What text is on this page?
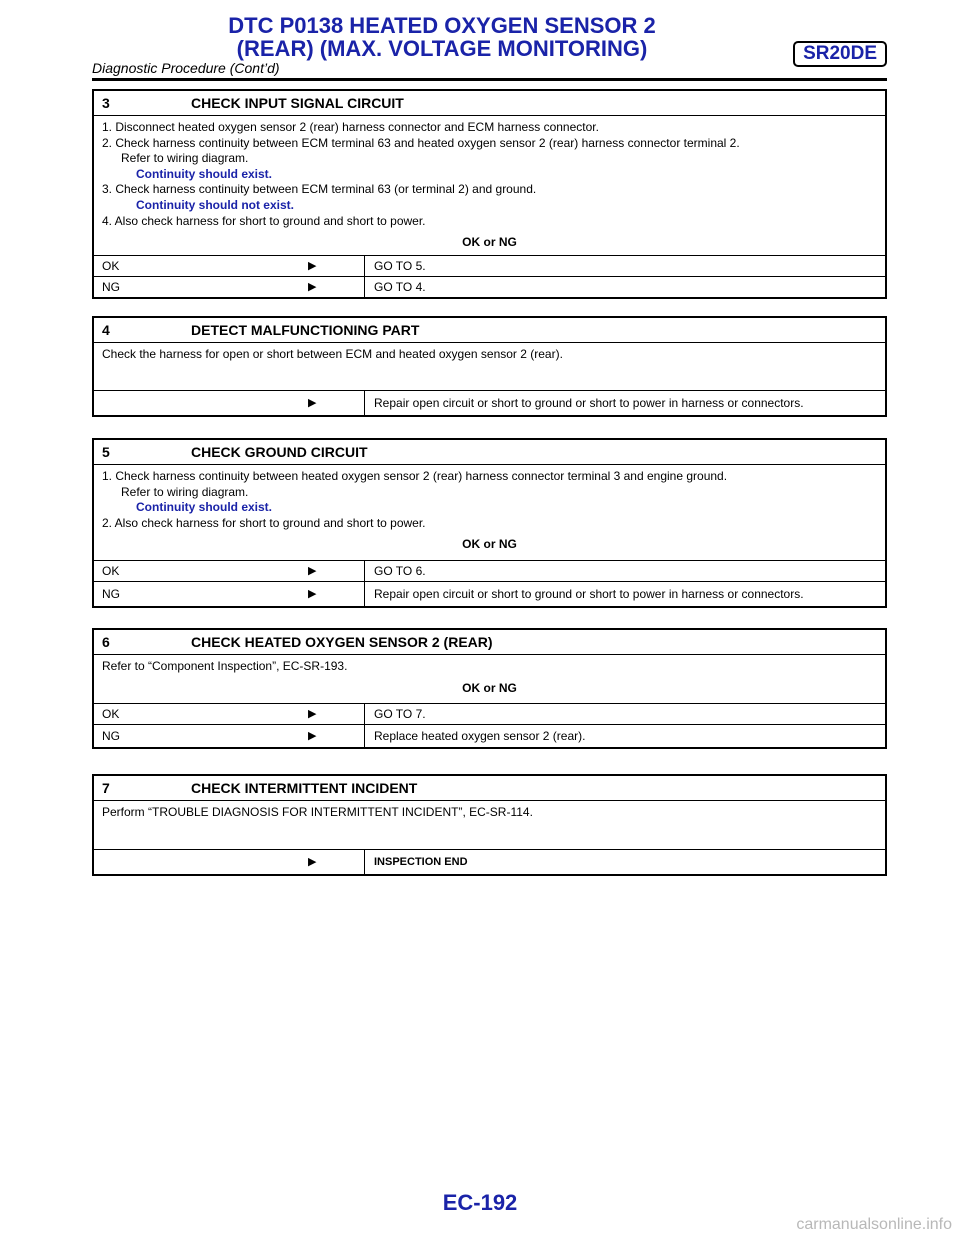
DTC P0138 HEATED OXYGEN SENSOR 2
(REAR) (MAX. VOLTAGE MONITORING)
Diagnostic Procedure (Cont’d)
SR20DE
3	CHECK INPUT SIGNAL CIRCUIT
1. Disconnect heated oxygen sensor 2 (rear) harness connector and ECM harness connector.
2. Check harness continuity between ECM terminal 63 and heated oxygen sensor 2 (rear) harness connector terminal 2.
Refer to wiring diagram.
Continuity should exist.
3. Check harness continuity between ECM terminal 63 (or terminal 2) and ground.
Continuity should not exist.
4. Also check harness for short to ground and short to power.
OK or NG
OK	▶	GO TO 5.
NG	▶	GO TO 4.
4	DETECT MALFUNCTIONING PART
Check the harness for open or short between ECM and heated oxygen sensor 2 (rear).
▶	Repair open circuit or short to ground or short to power in harness or connectors.
5	CHECK GROUND CIRCUIT
1. Check harness continuity between heated oxygen sensor 2 (rear) harness connector terminal 3 and engine ground.
Refer to wiring diagram.
Continuity should exist.
2. Also check harness for short to ground and short to power.
OK or NG
OK	▶	GO TO 6.
NG	▶	Repair open circuit or short to ground or short to power in harness or connectors.
6	CHECK HEATED OXYGEN SENSOR 2 (REAR)
Refer to “Component Inspection”, EC-SR-193.
OK or NG
OK	▶	GO TO 7.
NG	▶	Replace heated oxygen sensor 2 (rear).
7	CHECK INTERMITTENT INCIDENT
Perform “TROUBLE DIAGNOSIS FOR INTERMITTENT INCIDENT”, EC-SR-114.
▶	INSPECTION END
EC-192
carmanualsonline.info
